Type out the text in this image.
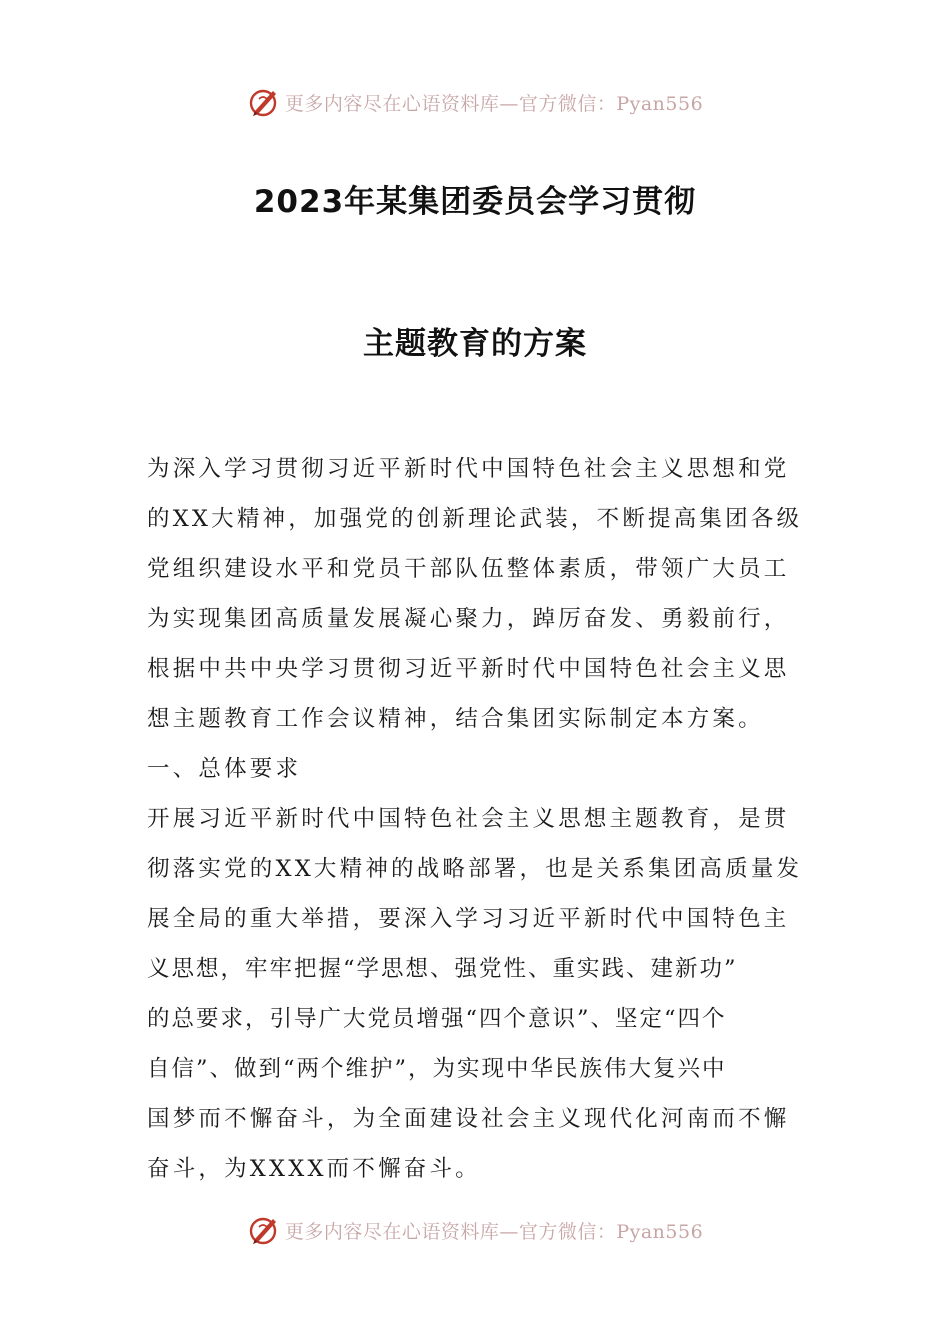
更多内容尽在心语资料库—官方微信：Pyan556
2023年某集团委员会学习贯彻
主题教育的方案
为深入学习贯彻习近平新时代中国特色社会主义思想和党
的XX大精神，加强党的创新理论武装，不断提高集团各级
党组织建设水平和党员干部队伍整体素质，带领广大员工
为实现集团高质量发展凝心聚力，踔厉奋发、勇毅前行，
根据中共中央学习贯彻习近平新时代中国特色社会主义思
想主题教育工作会议精神，结合集团实际制定本方案。
一、总体要求
开展习近平新时代中国特色社会主义思想主题教育，是贯
彻落实党的XX大精神的战略部署，也是关系集团高质量发
展全局的重大举措，要深入学习习近平新时代中国特色主
义思想，牢牢把握“学思想、强党性、重实践、建新功”
的总要求，引导广大党员增强“四个意识”、坚定“四个
自信”、做到“两个维护”，为实现中华民族伟大复兴中
国梦而不懈奋斗，为全面建设社会主义现代化河南而不懈
奋斗，为XXXX而不懈奋斗。
更多内容尽在心语资料库—官方微信：Pyan556
